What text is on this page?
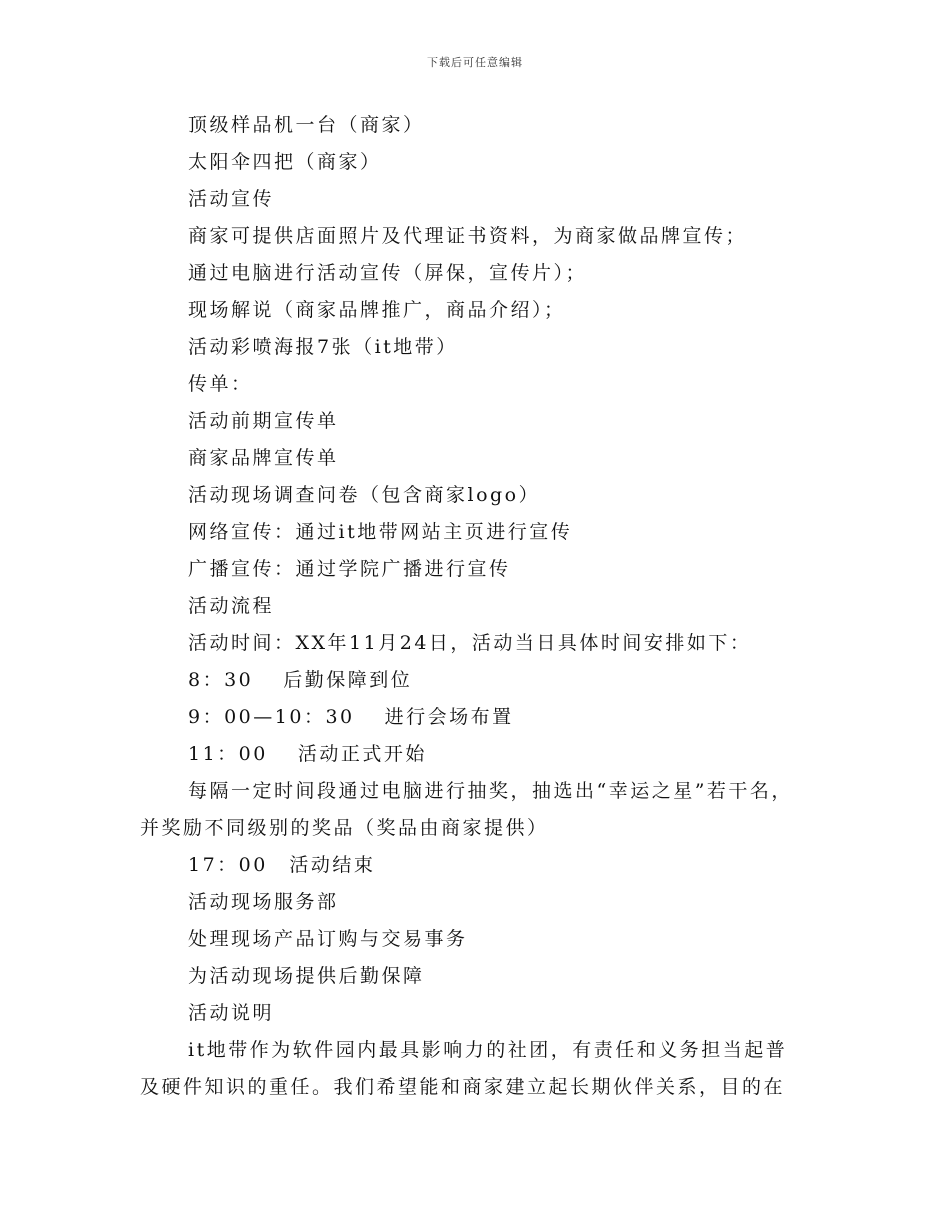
下载后可任意编辑

顶级样品机一台（商家）

太阳伞四把（商家）

活动宣传

商家可提供店面照片及代理证书资料，为商家做品牌宣传；

通过电脑进行活动宣传（屏保，宣传片）；

现场解说（商家品牌推广，商品介绍）；

活动彩喷海报7张（it地带）

传单：

活动前期宣传单

商家品牌宣传单

活动现场调查问卷（包含商家logo）

网络宣传：通过it地带网站主页进行宣传

广播宣传：通过学院广播进行宣传

活动流程

活动时间：XX年11月24日，活动当日具体时间安排如下：

8：30　 后勤保障到位

9：00—10：30　 进行会场布置

11：00　 活动正式开始

每隔一定时间段通过电脑进行抽奖，抽选出“幸运之星”若干名，

并奖励不同级别的奖品（奖品由商家提供）

17：00　活动结束

活动现场服务部

处理现场产品订购与交易事务

为活动现场提供后勤保障

活动说明

it地带作为软件园内最具影响力的社团，有责任和义务担当起普

及硬件知识的重任。我们希望能和商家建立起长期伙伴关系，目的在
